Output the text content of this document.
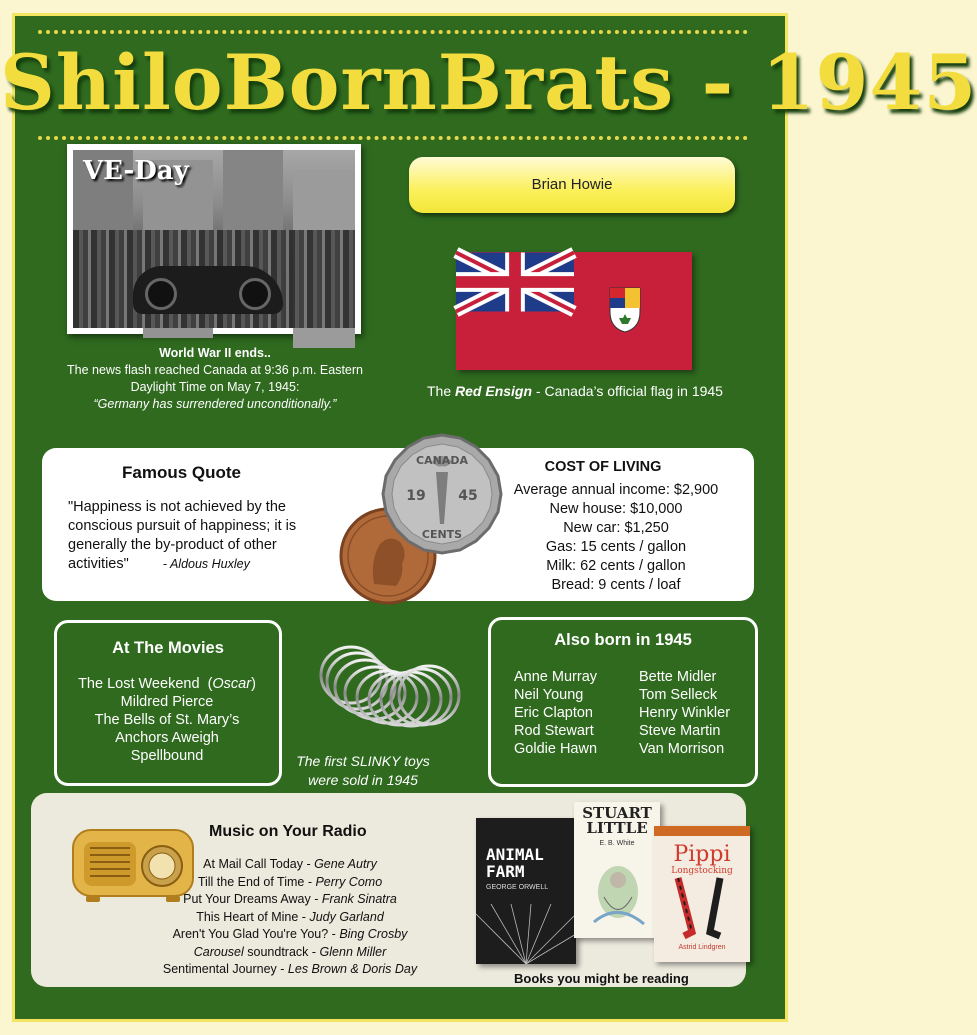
ShiloBornBrats - 1945
VE-Day
World War II ends..
The news flash reached Canada at 9:36 p.m. Eastern
Daylight Time on May 7, 1945:
“Germany has surrendered unconditionally.”
Brian Howie
The Red Ensign - Canada’s official flag in 1945
Famous Quote
"Happiness is not achieved by the conscious pursuit of happiness; it is generally the by-product of other activities"	- Aldous Huxley
CANADA
19 45
CENTS
COST OF LIVING
Average annual income: $2,900
New house: $10,000
New car: $1,250
Gas: 15 cents / gallon
Milk: 62 cents / gallon
Bread: 9 cents / loaf
At The Movies
The Lost Weekend  (Oscar)
Mildred Pierce
The Bells of St. Mary’s
Anchors Aweigh
Spellbound	The first SLINKY toys
were sold in 1945
Also born in 1945
Anne Murray
Neil Young
Eric Clapton
Rod Stewart
Goldie Hawn
Bette Midler
Tom Selleck
Henry Winkler
Steve Martin
Van Morrison
Music on Your Radio
At Mail Call Today - Gene Autry
Till the End of Time - Perry Como
Put Your Dreams Away - Frank Sinatra
This Heart of Mine - Judy Garland
Aren't You Glad You're You? - Bing Crosby
Carousel soundtrack - Glenn Miller
Sentimental Journey - Les Brown & Doris Day
ANIMAL
FARM
GEORGE ORWELL
STUART
LITTLE
E. B. White	Pippi
Longstocking
Astrid Lindgren
Books you might be reading
